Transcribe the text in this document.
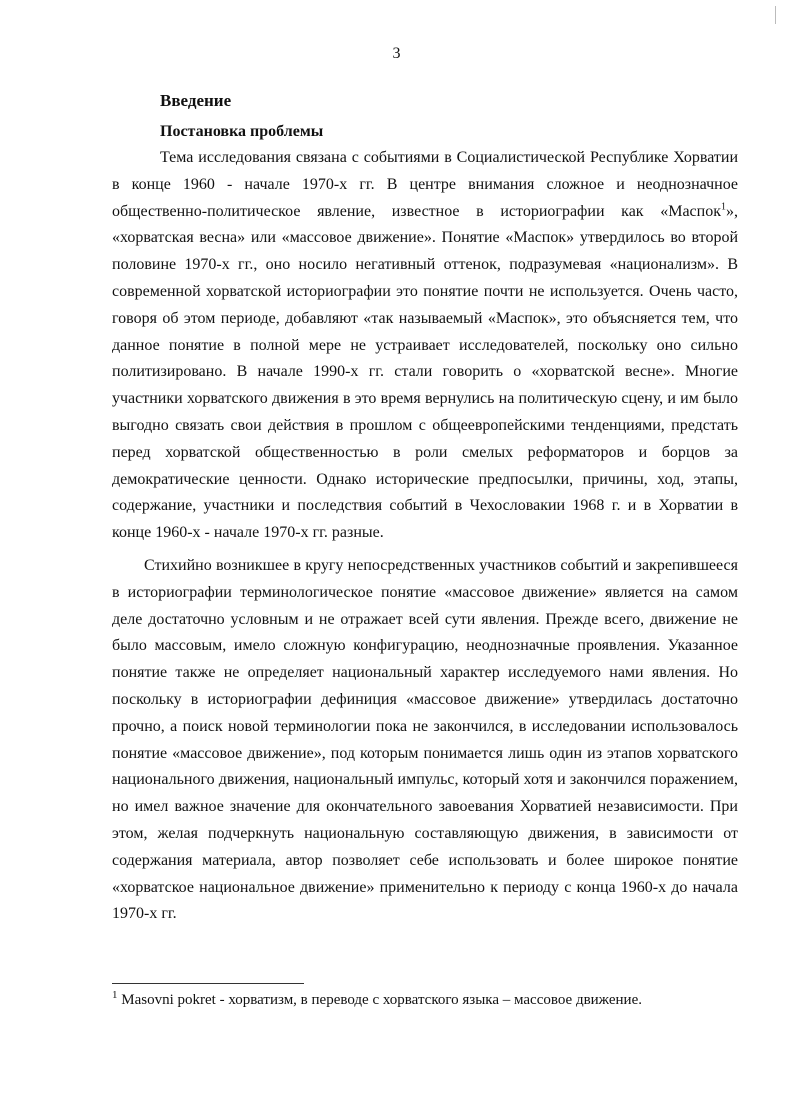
3
Введение
Постановка проблемы

Тема исследования связана с событиями в Социалистической Республике Хорватии в конце 1960 - начале 1970-х гг. В центре внимания сложное и неоднозначное общественно-политическое явление, известное в историографии как «Маспок$^1$», «хорватская весна» или «массовое движение». Понятие «Маспок» утвердилось во второй половине 1970-х гг., оно носило негативный оттенок, подразумевая «национализм». В современной хорватской историографии это понятие почти не используется. Очень часто, говоря об этом периоде, добавляют «так называемый «Маспок», это объясняется тем, что данное понятие в полной мере не устраивает исследователей, поскольку оно сильно политизировано. В начале 1990-х гг. стали говорить о «хорватской весне». Многие участники хорватского движения в это время вернулись на политическую сцену, и им было выгодно связать свои действия в прошлом с общеевропейскими тенденциями, предстать перед хорватской общественностью в роли смелых реформаторов и борцов за демократические ценности. Однако исторические предпосылки, причины, ход, этапы, содержание, участники и последствия событий в Чехословакии 1968 г. и в Хорватии в конце 1960-х - начале 1970-х гг. разные.

Стихийно возникшее в кругу непосредственных участников событий и закрепившееся в историографии терминологическое понятие «массовое движение» является на самом деле достаточно условным и не отражает всей сути явления. Прежде всего, движение не было массовым, имело сложную конфигурацию, неоднозначные проявления. Указанное понятие также не определяет национальный характер исследуемого нами явления. Но поскольку в историографии дефиниция «массовое движение» утвердилась достаточно прочно, а поиск новой терминологии пока не закончился, в исследовании использовалось понятие «массовое движение», под которым понимается лишь один из этапов хорватского национального движения, национальный импульс, который хотя и закончился поражением, но имел важное значение для окончательного завоевания Хорватией независимости. При этом, желая подчеркнуть национальную составляющую движения, в зависимости от содержания материала, автор позволяет себе использовать и более широкое понятие «хорватское национальное движение» применительно к периоду с конца 1960-х до начала 1970-х гг.

$^1$ Masovni pokret - хорватизм, в переводе с хорватского языка – массовое движение.
